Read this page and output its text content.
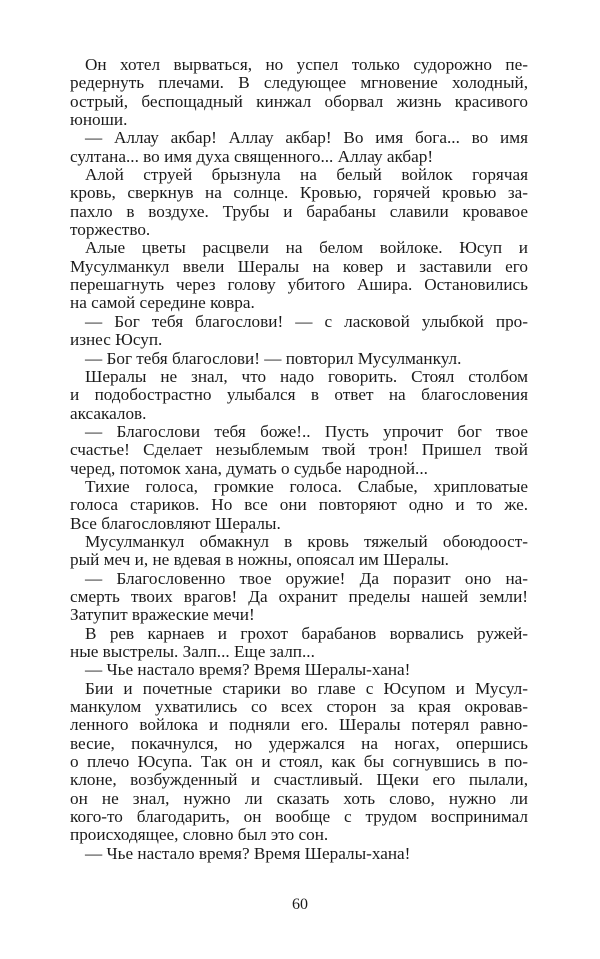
Он хотел вырваться, но успел только судорожно пе-
редернуть плечами. В следующее мгновение холодный,
острый, беспощадный кинжал оборвал жизнь красивого
юноши.
— Аллау акбар! Аллау акбар! Во имя бога... во имя
султана... во имя духа священного... Аллау акбар!
Алой струей брызнула на белый войлок горячая
кровь, сверкнув на солнце. Кровью, горячей кровью за-
пахло в воздухе. Трубы и барабаны славили кровавое
торжество.
Алые цветы расцвели на белом войлоке. Юсуп и
Мусулманкул ввели Шералы на ковер и заставили его
перешагнуть через голову убитого Ашира. Остановились
на самой середине ковра.
— Бог тебя благослови! — с ласковой улыбкой про-
изнес Юсуп.
— Бог тебя благослови! — повторил Мусулманкул.
Шералы не знал, что надо говорить. Стоял столбом
и подобострастно улыбался в ответ на благословения
аксакалов.
— Благослови тебя боже!.. Пусть упрочит бог твое
счастье! Сделает незыблемым твой трон! Пришел твой
черед, потомок хана, думать о судьбе народной...
Тихие голоса, громкие голоса. Слабые, хрипловатые
голоса стариков. Но все они повторяют одно и то же.
Все благословляют Шералы.
Мусулманкул обмакнул в кровь тяжелый обоюдоост-
рый меч и, не вдевая в ножны, опоясал им Шералы.
— Благословенно твое оружие! Да поразит оно на-
смерть твоих врагов! Да охранит пределы нашей земли!
Затупит вражеские мечи!
В рев карнаев и грохот барабанов ворвались ружей-
ные выстрелы. Залп... Еще залп...
— Чье настало время? Время Шералы-хана!
Бии и почетные старики во главе с Юсупом и Мусул-
манкулом ухватились со всех сторон за края окровав-
ленного войлока и подняли его. Шералы потерял равно-
весие, покачнулся, но удержался на ногах, опершись
о плечо Юсупа. Так он и стоял, как бы согнувшись в по-
клоне, возбужденный и счастливый. Щеки его пылали,
он не знал, нужно ли сказать хоть слово, нужно ли
кого-то благодарить, он вообще с трудом воспринимал
происходящее, словно был это сон.
— Чье настало время? Время Шералы-хана!
60
